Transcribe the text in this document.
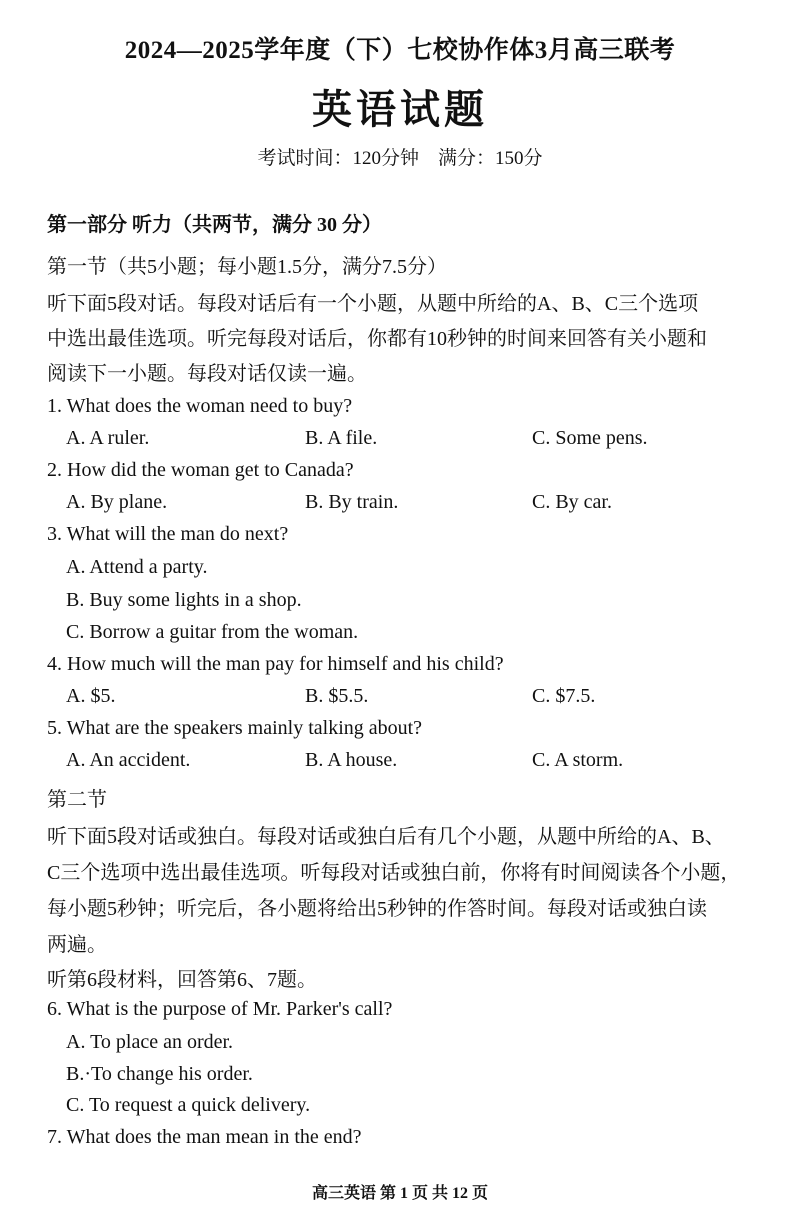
2024—2025学年度（下）七校协作体3月高三联考
英语试题
考试时间：120分钟　满分：150分
第一部分 听力（共两节，满分 30 分）
第一节（共5小题；每小题1.5分，满分7.5分）
听下面5段对话。每段对话后有一个小题，从题中所给的A、B、C三个选项
中选出最佳选项。听完每段对话后，你都有10秒钟的时间来回答有关小题和
阅读下一小题。每段对话仅读一遍。
1. What does the woman need to buy?
A. A ruler.	B. A file.	C. Some pens.
2. How did the woman get to Canada?
A. By plane.	B. By train.	C. By car.
3. What will the man do next?
A. Attend a party.
B. Buy some lights in a shop.
C. Borrow a guitar from the woman.
4. How much will the man pay for himself and his child?
A. $5.	B. $5.5.	C. $7.5.
5. What are the speakers mainly talking about?
A. An accident.	B. A house.	C. A storm.
第二节
听下面5段对话或独白。每段对话或独白后有几个小题，从题中所给的A、B、
C三个选项中选出最佳选项。听每段对话或独白前，你将有时间阅读各个小题，
每小题5秒钟；听完后，各小题将给出5秒钟的作答时间。每段对话或独白读
两遍。
听第6段材料，回答第6、7题。
6. What is the purpose of Mr. Parker's call?
A. To place an order.
B.·To change his order.
C. To request a quick delivery.
7. What does the man mean in the end?
高三英语 第 1 页 共 12 页
